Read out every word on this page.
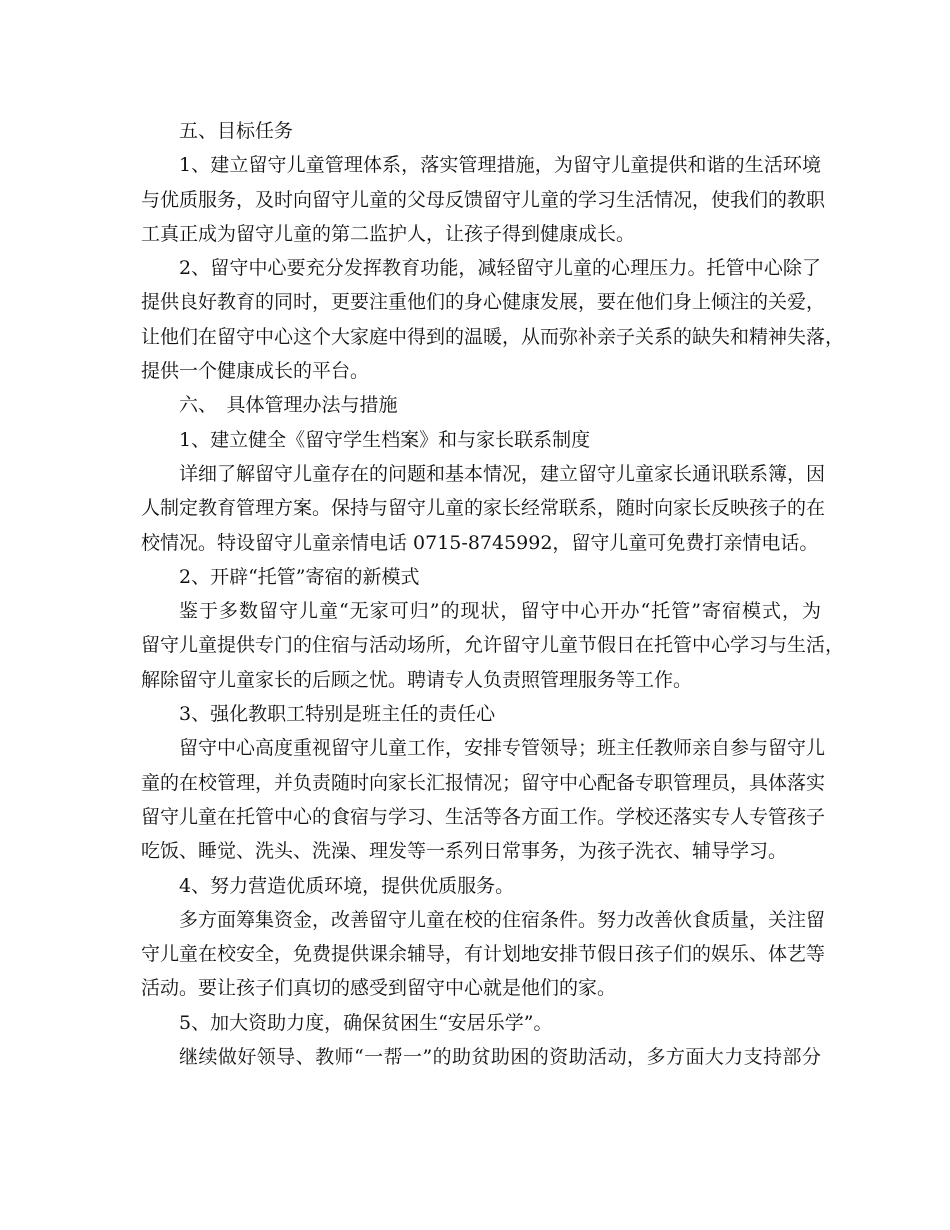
五、目标任务
1、建立留守儿童管理体系，落实管理措施，为留守儿童提供和谐的生活环境
与优质服务，及时向留守儿童的父母反馈留守儿童的学习生活情况，使我们的教职
工真正成为留守儿童的第二监护人，让孩子得到健康成长。
2、留守中心要充分发挥教育功能，减轻留守儿童的心理压力。托管中心除了
提供良好教育的同时，更要注重他们的身心健康发展，要在他们身上倾注的关爱，
让他们在留守中心这个大家庭中得到的温暖，从而弥补亲子关系的缺失和精神失落，
提供一个健康成长的平台。
六、　具体管理办法与措施
1、建立健全《留守学生档案》和与家长联系制度
详细了解留守儿童存在的问题和基本情况，建立留守儿童家长通讯联系簿，因
人制定教育管理方案。保持与留守儿童的家长经常联系，随时向家长反映孩子的在
校情况。特设留守儿童亲情电话 0715-8745992，留守儿童可免费打亲情电话。
2、开辟“托管”寄宿的新模式
鉴于多数留守儿童“无家可归”的现状，留守中心开办“托管”寄宿模式，为
留守儿童提供专门的住宿与活动场所，允许留守儿童节假日在托管中心学习与生活，
解除留守儿童家长的后顾之忧。聘请专人负责照管理服务等工作。
3、强化教职工特别是班主任的责任心
留守中心高度重视留守儿童工作，安排专管领导；班主任教师亲自参与留守儿
童的在校管理，并负责随时向家长汇报情况；留守中心配备专职管理员，具体落实
留守儿童在托管中心的食宿与学习、生活等各方面工作。学校还落实专人专管孩子
吃饭、睡觉、洗头、洗澡、理发等一系列日常事务，为孩子洗衣、辅导学习。
4、努力营造优质环境，提供优质服务。
多方面筹集资金，改善留守儿童在校的住宿条件。努力改善伙食质量，关注留
守儿童在校安全，免费提供课余辅导，有计划地安排节假日孩子们的娱乐、体艺等
活动。要让孩子们真切的感受到留守中心就是他们的家。
5、加大资助力度，确保贫困生“安居乐学”。
继续做好领导、教师“一帮一”的助贫助困的资助活动，多方面大力支持部分
